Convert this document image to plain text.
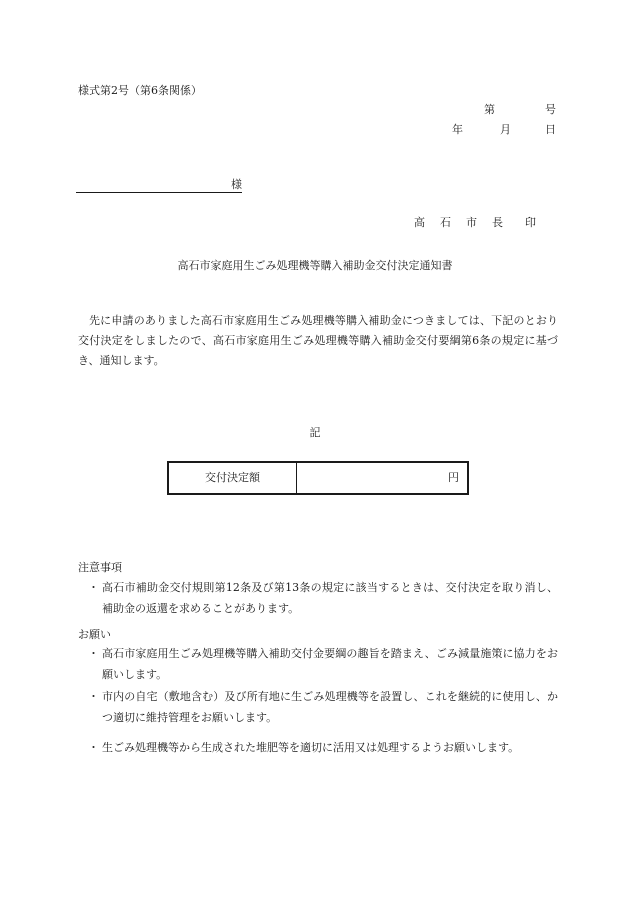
様式第2号（第6条関係）
第	号
年	月	日
様
高　石　市　長 印
高石市家庭用生ごみ処理機等購入補助金交付決定通知書

先に申請のありました高石市家庭用生ごみ処理機等購入補助金につきましては、下記のとおり交付決定をしましたので、高石市家庭用生ごみ処理機等購入補助金交付要綱第6条の規定に基づき、通知します。

記
交付決定額	円
注意事項
・ 高石市補助金交付規則第12条及び第13条の規定に該当するときは、交付決定を取り消し、補助金の返還を求めることがあります。
お願い
・ 高石市家庭用生ごみ処理機等購入補助交付金要綱の趣旨を踏まえ、ごみ減量施策に協力をお願いします。
・ 市内の自宅（敷地含む）及び所有地に生ごみ処理機等を設置し、これを継続的に使用し、かつ適切に維持管理をお願いします。
・ 生ごみ処理機等から生成された堆肥等を適切に活用又は処理するようお願いします。
